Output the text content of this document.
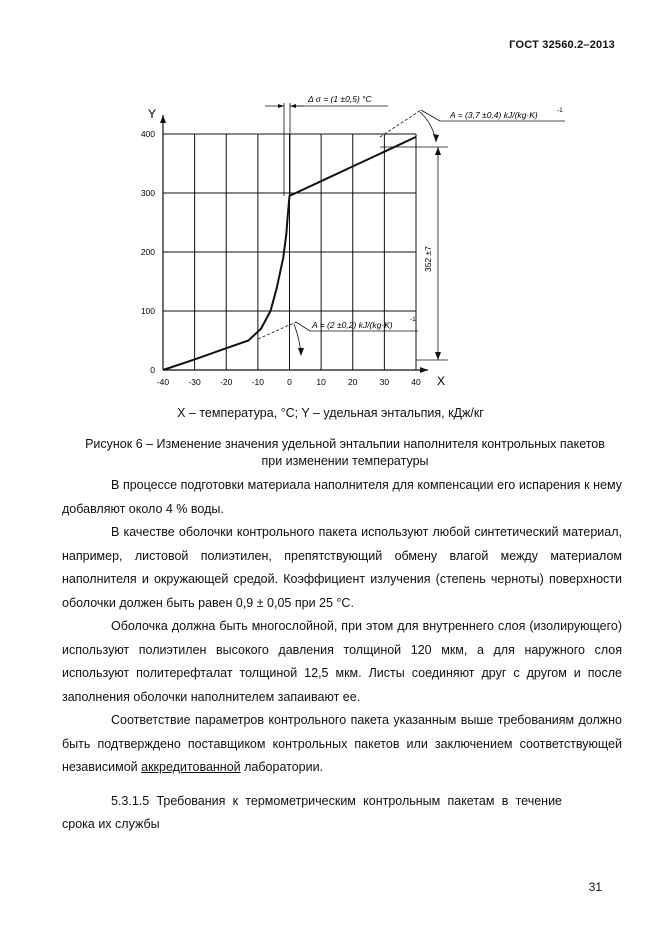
ГОСТ 32560.2–2013
-40 -30 -20 -10	0	10	20	30	40
0
100
200
300
400
X
Y
Δ σ = (1 ±0,5) °C
A = (3,7 ±0,4) kJ/(kg·K)	-1
A = (2 ±0,2) kJ/(kg·K)
-1
352 ±7
X – температура, °C; Y – удельная энтальпия, кДж/кг
Рисунок 6 – Изменение значения удельной энтальпии наполнителя контрольных пакетов
при изменении температуры

В процессе подготовки материала наполнителя для компенсации его испарения к нему добавляют около 4 % воды.

В качестве оболочки контрольного пакета используют любой синтетический материал, например, листовой полиэтилен, препятствующий обмену влагой между материалом наполнителя и окружающей средой. Коэффициент излучения (степень черноты) поверхности оболочки должен быть равен 0,9 ± 0,05 при 25 °C.

Оболочка должна быть многослойной, при этом для внутреннего слоя (изолирующего) используют полиэтилен высокого давления толщиной 120 мкм, а для наружного слоя используют политерефталат толщиной 12,5 мкм. Листы соединяют друг с другом и после заполнения оболочки наполнителем запаивают ее.

Соответствие параметров контрольного пакета указанным выше требованиям должно быть подтверждено поставщиком контрольных пакетов или заключением соответствующей независимой аккредитованной лаборатории.

5.3.1.5 Требования к термометрическим контрольным пакетам в течение срока их службы

31
